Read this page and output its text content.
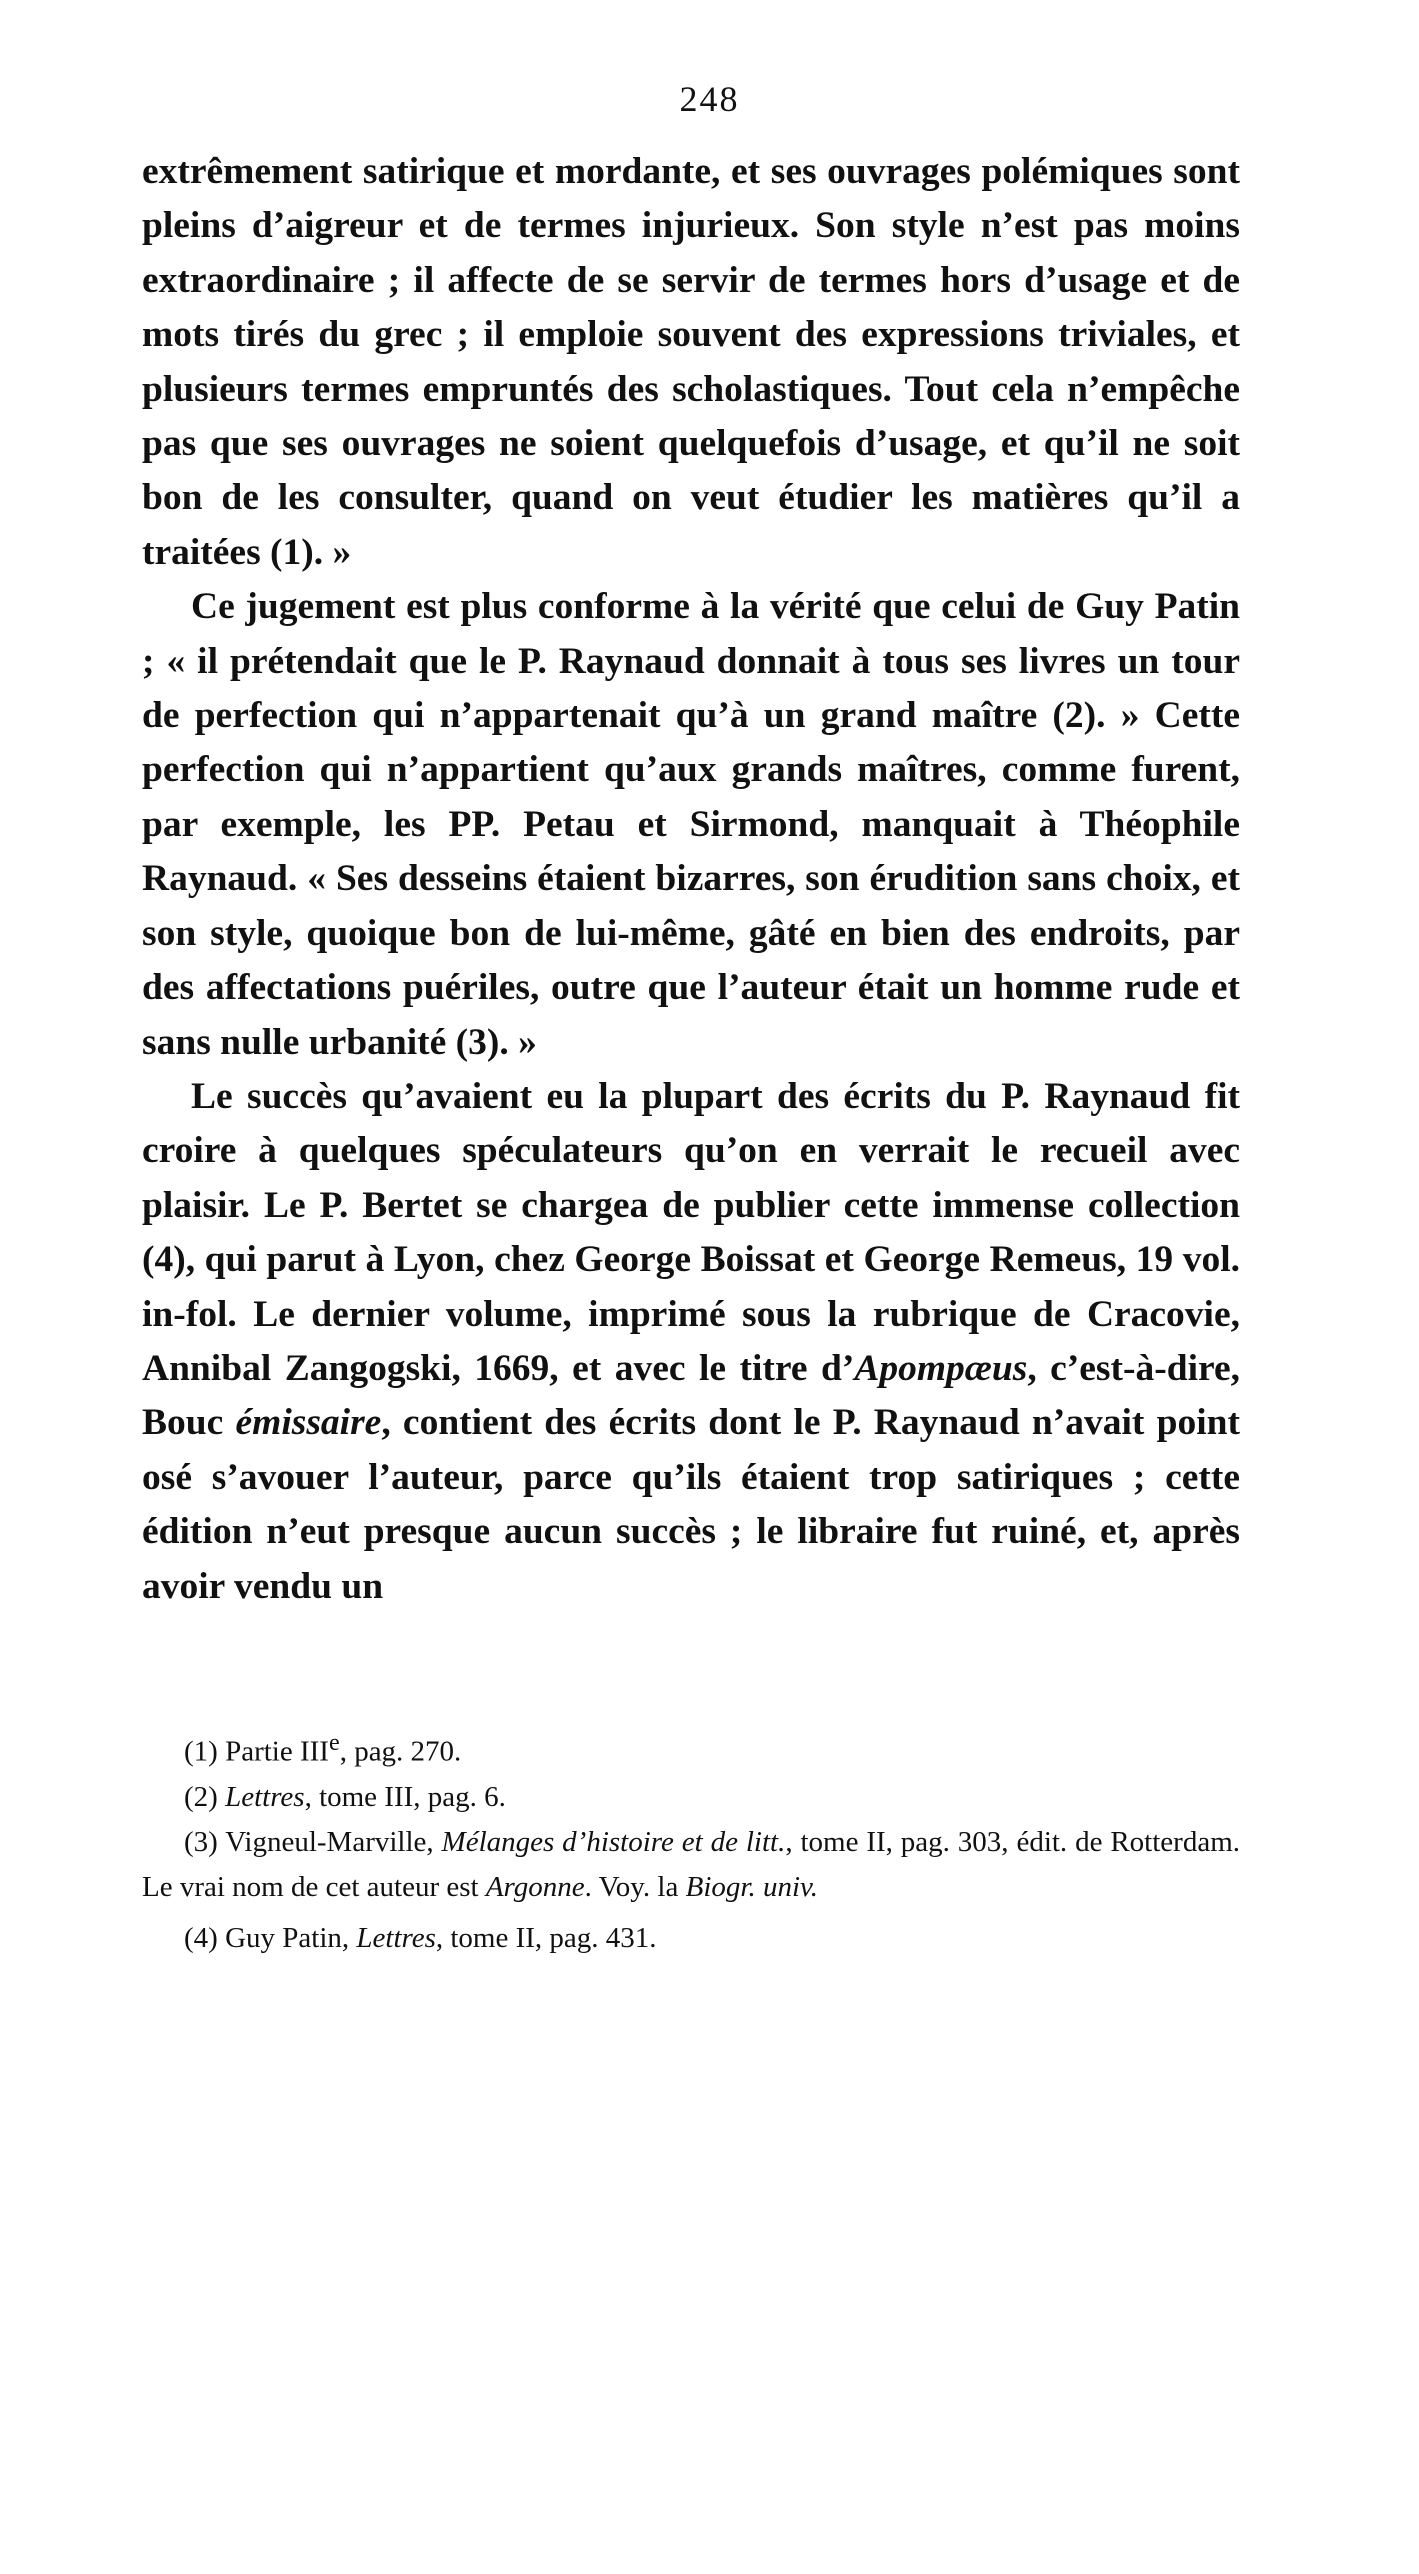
248

extrêmement satirique et mordante, et ses ouvrages polémiques sont pleins d’aigreur et de termes injurieux. Son style n’est pas moins extraordinaire ; il affecte de se servir de termes hors d’usage et de mots tirés du grec ; il emploie souvent des expressions triviales, et plusieurs termes empruntés des scholastiques. Tout cela n’empêche pas que ses ouvrages ne soient quelquefois d’usage, et qu’il ne soit bon de les consulter, quand on veut étudier les matières qu’il a traitées (1). »

Ce jugement est plus conforme à la vérité que celui de Guy Patin ; « il prétendait que le P. Raynaud donnait à tous ses livres un tour de perfection qui n’appartenait qu’à un grand maître (2). » Cette perfection qui n’appartient qu’aux grands maîtres, comme furent, par exemple, les PP. Petau et Sirmond, manquait à Théophile Raynaud. « Ses desseins étaient bizarres, son érudition sans choix, et son style, quoique bon de lui-même, gâté en bien des endroits, par des affectations puériles, outre que l’auteur était un homme rude et sans nulle urbanité (3). »

Le succès qu’avaient eu la plupart des écrits du P. Raynaud fit croire à quelques spéculateurs qu’on en verrait le recueil avec plaisir. Le P. Bertet se chargea de publier cette immense collection (4), qui parut à Lyon, chez George Boissat et George Remeus, 19 vol. in-fol. Le dernier volume, imprimé sous la rubrique de Cracovie, Annibal Zangogski, 1669, et avec le titre d’Apompæus, c’est-à-dire, Bouc émissaire, contient des écrits dont le P. Raynaud n’avait point osé s’avouer l’auteur, parce qu’ils étaient trop satiriques ; cette édition n’eut presque aucun succès ; le libraire fut ruiné, et, après avoir vendu un

(1) Partie IIIe, pag. 270.

(2) Lettres, tome III, pag. 6.

(3) Vigneul-Marville, Mélanges d’histoire et de litt., tome II, pag. 303, édit. de Rotterdam. Le vrai nom de cet auteur est Argonne. Voy. la Biogr. univ.

(4) Guy Patin, Lettres, tome II, pag. 431.
